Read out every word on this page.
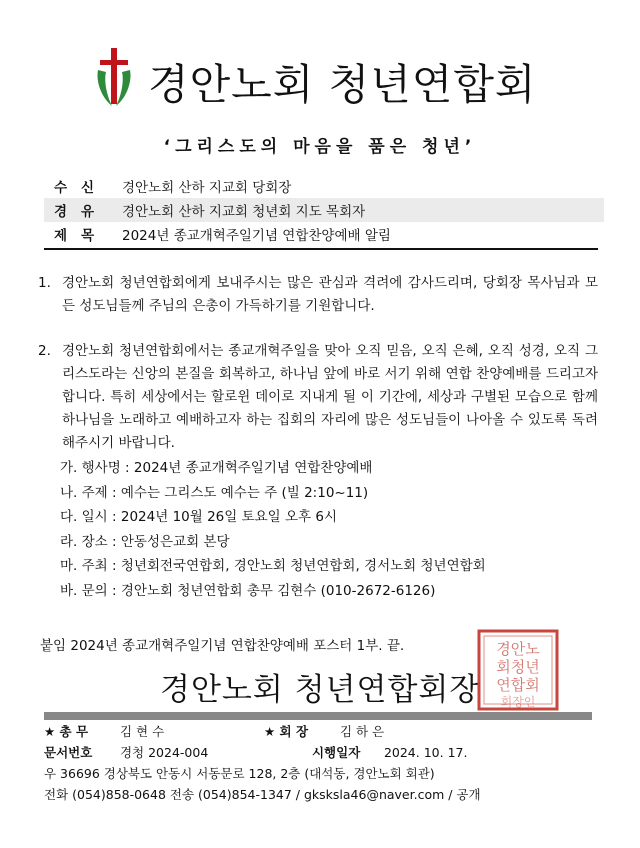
경안노회 청년연합회
‘그리스도의 마음을 품은 청년’
수신	경안노회 산하 지교회 당회장
경유	경안노회 산하 지교회 청년회 지도 목회자
제목	2024년 종교개혁주일기념 연합찬양예배 알림
1. 경안노회 청년연합회에게 보내주시는 많은 관심과 격려에 감사드리며, 당회장 목사님과 모든 성도님들께 주님의 은총이 가득하기를 기원합니다.
2. 경안노회 청년연합회에서는 종교개혁주일을 맞아 오직 믿음, 오직 은혜, 오직 성경, 오직 그리스도라는 신앙의 본질을 회복하고, 하나님 앞에 바로 서기 위해 연합 찬양예배를 드리고자 합니다. 특히 세상에서는 할로윈 데이로 지내게 될 이 기간에, 세상과 구별된 모습으로 함께 하나님을 노래하고 예배하고자 하는 집회의 자리에 많은 성도님들이 나아올 수 있도록 독려해주시기 바랍니다.
가. 행사명 : 2024년 종교개혁주일기념 연합찬양예배
나. 주제 : 예수는 그리스도 예수는 주 (빌 2:10~11)
다. 일시 : 2024년 10월 26일 토요일 오후 6시
라. 장소 : 안동성은교회 본당
마. 주최 : 청년회전국연합회, 경안노회 청년연합회, 경서노회 청년연합회
바. 문의 : 경안노회 청년연합회 총무 김현수 (010-2672-6126)
붙임 2024년 종교개혁주일기념 연합찬양예배 포스터 1부. 끝.
경안노회 청년연합회장
경안노
회청년
연합회
회장인
★ 총 무	김 현 수	★ 회 장	김 하 은
문서번호 경청 2024-004	시행일자 2024. 10. 17.
우 36696 경상북도 안동시 서동문로 128, 2층 (대석동, 경안노회 회관)
전화 (054)858-0648 전송 (054)854-1347 / gksksla46@naver.com / 공개
